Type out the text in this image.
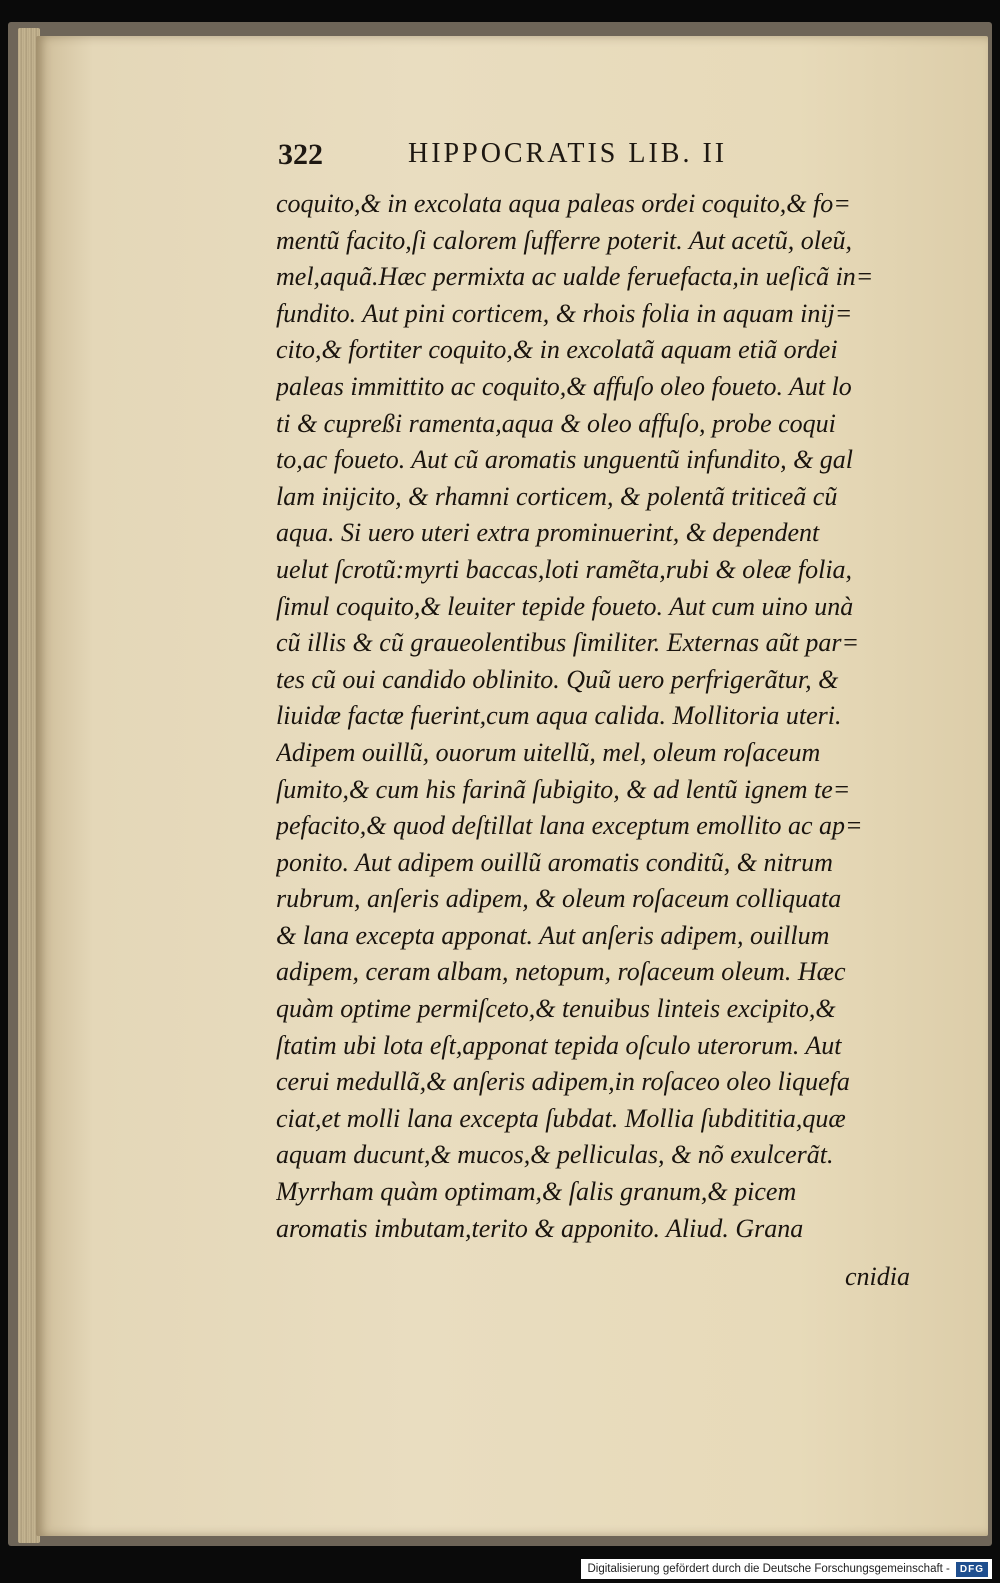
322	HIPPOCRATIS LIB. II
coquito,& in excolata aqua paleas ordei coquito,& fo=
mentũ facito,ſi calorem ſufferre poterit. Aut acetũ, oleũ,
mel,aquã.Hæc permixta ac ualde feruefacta,in ueſicã in=
fundito. Aut pini corticem, & rhois folia in aquam inij=
cito,& fortiter coquito,& in excolatã aquam etiã ordei
paleas immittito ac coquito,& affuſo oleo foueto. Aut lo
ti & cupreßi ramenta,aqua & oleo affuſo, probe coqui
to,ac foueto. Aut cũ aromatis unguentũ infundito, & gal
lam inijcito, & rhamni corticem, & polentã triticeã cũ
aqua. Si uero uteri extra prominuerint, & dependent
uelut ſcrotũ:myrti baccas,loti ramẽta,rubi & oleæ folia,
ſimul coquito,& leuiter tepide foueto. Aut cum uino unà
cũ illis & cũ graueolentibus ſimiliter. Externas aũt par=
tes cũ oui candido oblinito. Quũ uero perfrigerãtur, &
liuidæ factæ fuerint,cum aqua calida. Mollitoria uteri.
Adipem ouillũ, ouorum uitellũ, mel, oleum roſaceum
ſumito,& cum his farinã ſubigito, & ad lentũ ignem te=
pefacito,& quod deſtillat lana exceptum emollito ac ap=
ponito. Aut adipem ouillũ aromatis conditũ, & nitrum
rubrum, anſeris adipem, & oleum roſaceum colliquata
& lana excepta apponat. Aut anſeris adipem, ouillum
adipem, ceram albam, netopum, roſaceum oleum. Hæc
quàm optime permiſceto,& tenuibus linteis excipito,&
ſtatim ubi lota eſt,apponat tepida oſculo uterorum. Aut
cerui medullã,& anſeris adipem,in roſaceo oleo liquefa
ciat,et molli lana excepta ſubdat. Mollia ſubdititia,quæ
aquam ducunt,& mucos,& pelliculas, & nõ exulcerãt.
Myrrham quàm optimam,& ſalis granum,& picem
aromatis imbutam,terito & apponito. Aliud. Grana
cnidia
Digitalisierung gefördert durch die Deutsche Forschungsgemeinschaft -	DFG
